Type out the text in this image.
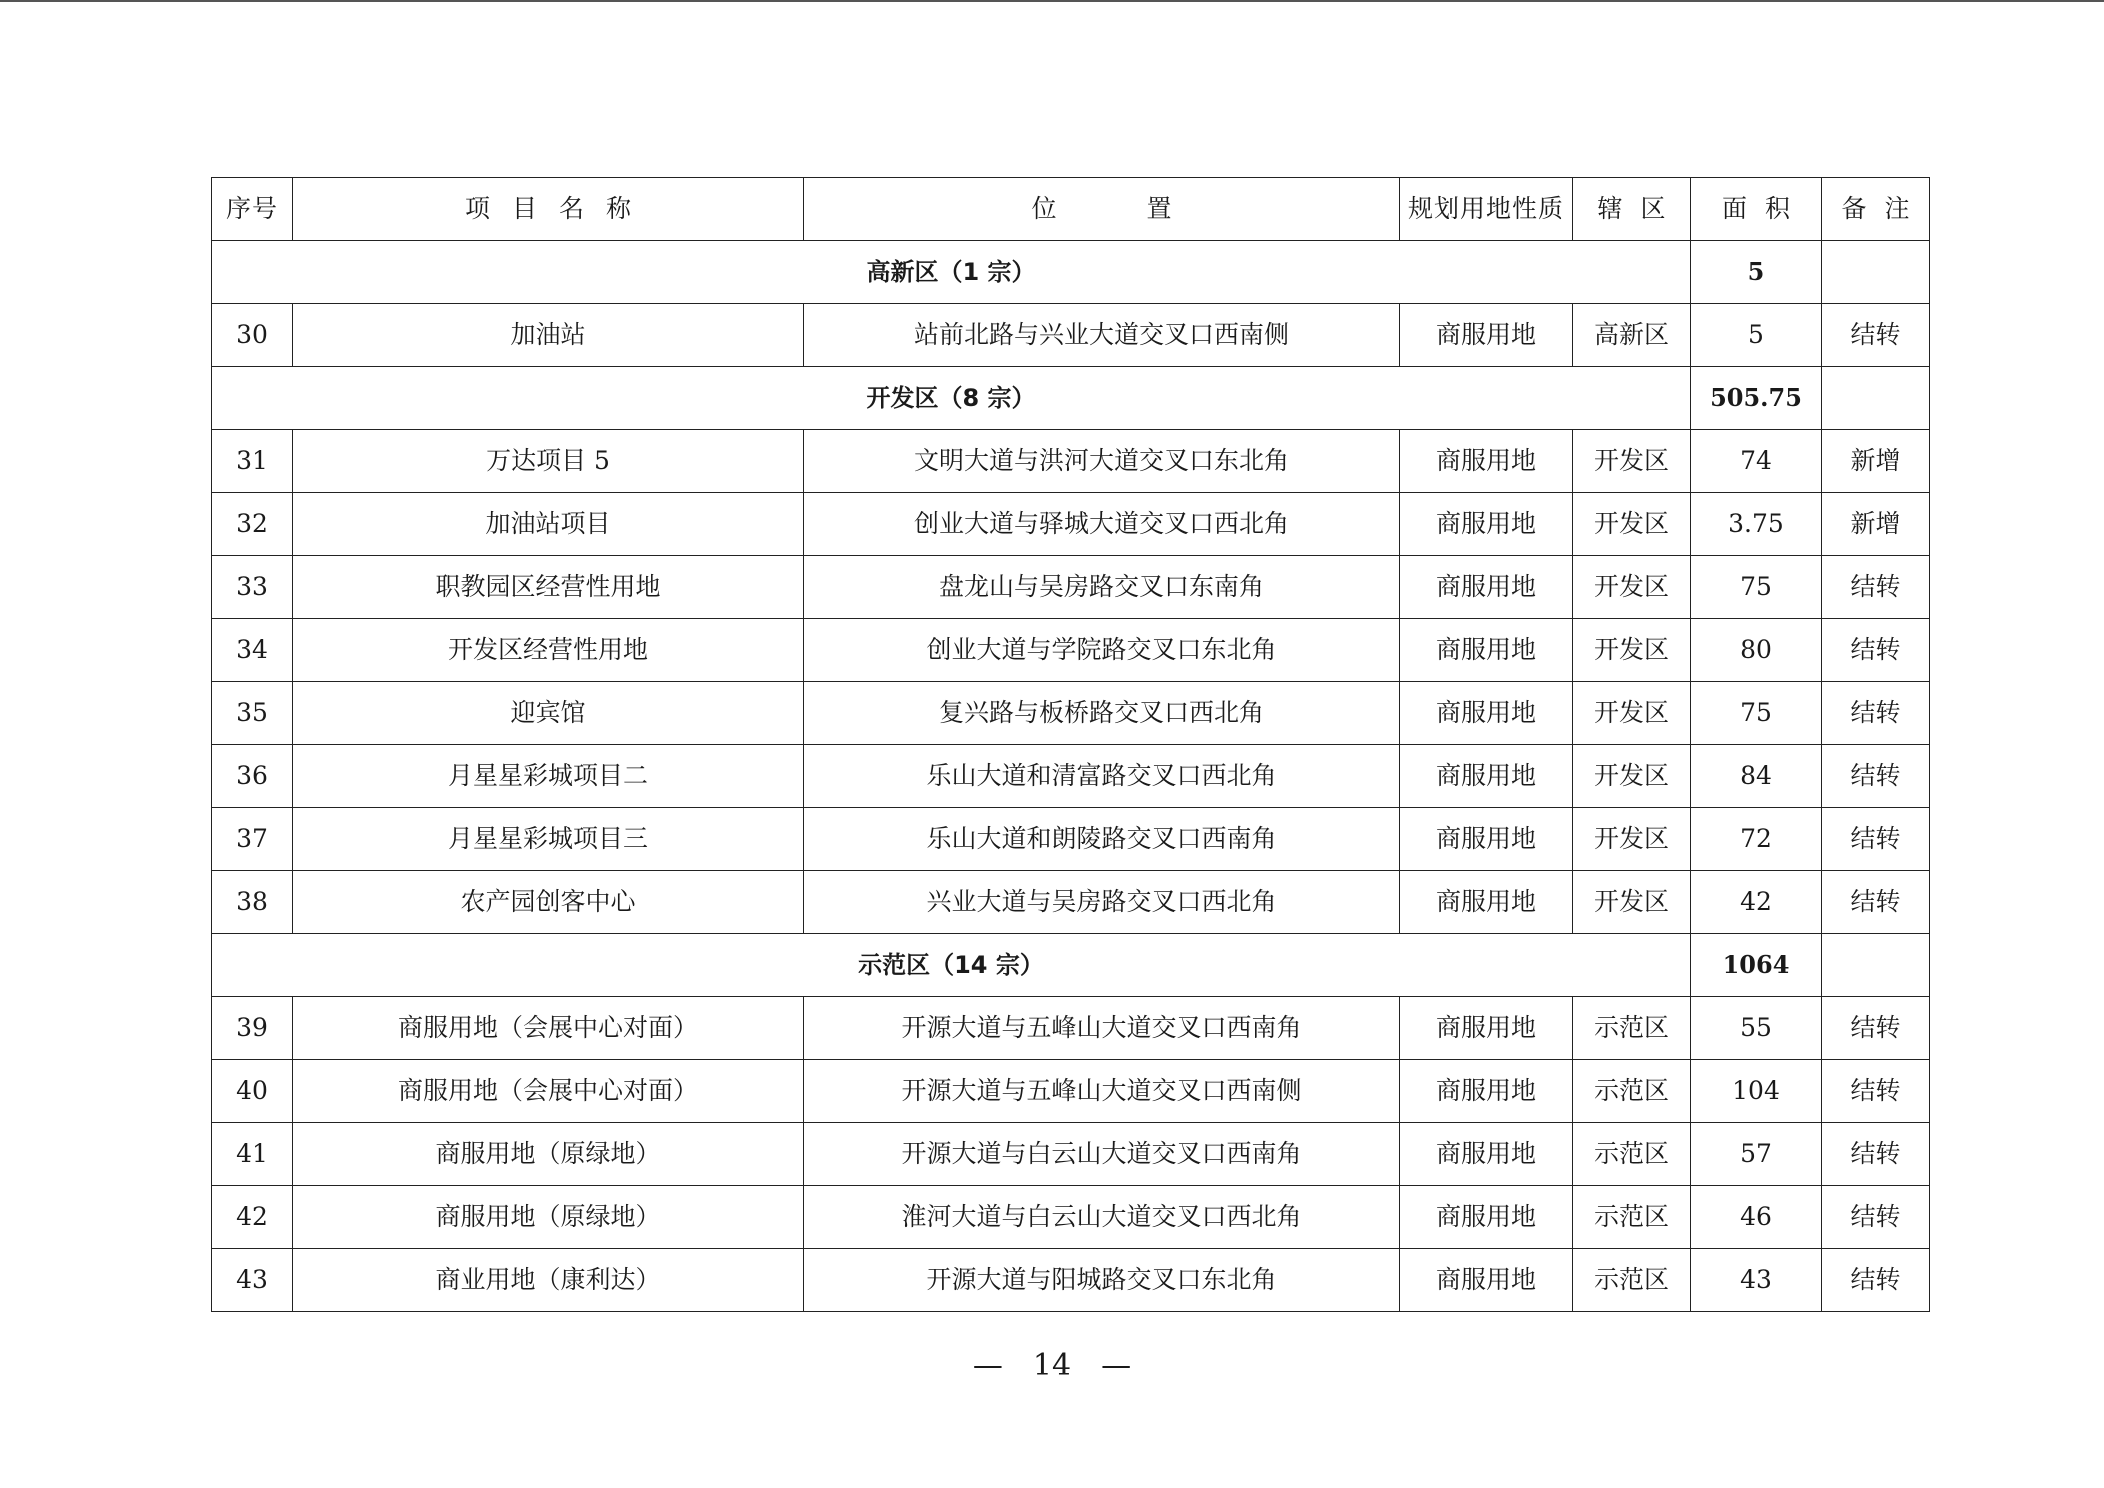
序号	项目名称	位置	规划用地性质	辖区	面积	备注
高新区（1 宗）					5	
30	加油站	站前北路与兴业大道交叉口西南侧	商服用地	高新区	5	结转
开发区（8 宗）					505.75	
31	万达项目 5	文明大道与洪河大道交叉口东北角	商服用地	开发区	74	新增
32	加油站项目	创业大道与驿城大道交叉口西北角	商服用地	开发区	3.75	新增
33	职教园区经营性用地	盘龙山与吴房路交叉口东南角	商服用地	开发区	75	结转
34	开发区经营性用地	创业大道与学院路交叉口东北角	商服用地	开发区	80	结转
35	迎宾馆	复兴路与板桥路交叉口西北角	商服用地	开发区	75	结转
36	月星星彩城项目二	乐山大道和清富路交叉口西北角	商服用地	开发区	84	结转
37	月星星彩城项目三	乐山大道和朗陵路交叉口西南角	商服用地	开发区	72	结转
38	农产园创客中心	兴业大道与吴房路交叉口西北角	商服用地	开发区	42	结转
示范区（14 宗）					1064	
39	商服用地（会展中心对面）	开源大道与五峰山大道交叉口西南角	商服用地	示范区	55	结转
40	商服用地（会展中心对面）	开源大道与五峰山大道交叉口西南侧	商服用地	示范区	104	结转
41	商服用地（原绿地）	开源大道与白云山大道交叉口西南角	商服用地	示范区	57	结转
42	商服用地（原绿地）	淮河大道与白云山大道交叉口西北角	商服用地	示范区	46	结转
43	商业用地（康利达）	开源大道与阳城路交叉口东北角	商服用地	示范区	43	结转
—　14　—
